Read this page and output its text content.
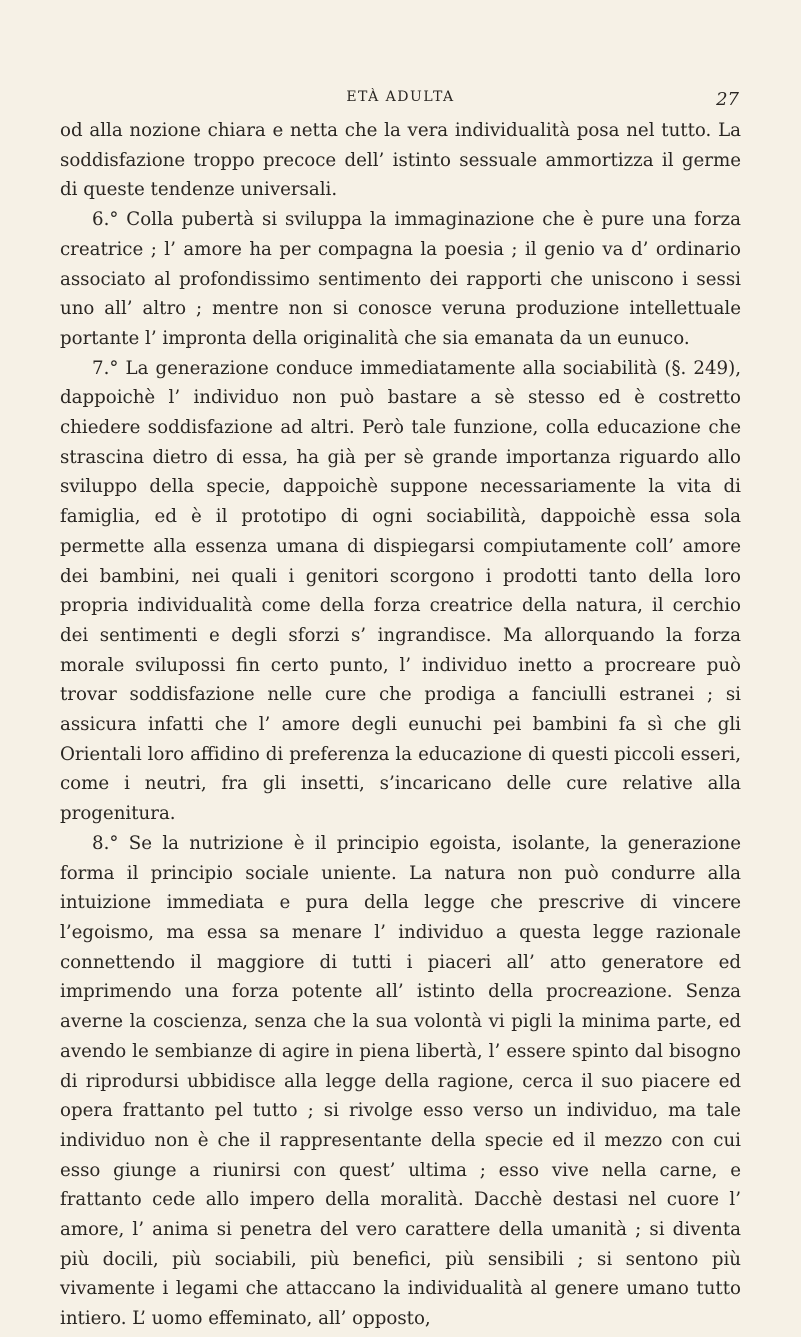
ETÀ ADULTA	27

od alla nozione chiara e netta che la vera individualità posa nel tutto. La soddisfazione troppo precoce dell’ istinto sessuale ammortizza il germe di queste tendenze universali.

6.° Colla pubertà si sviluppa la immaginazione che è pure una forza creatrice ; l’ amore ha per compagna la poesia ; il genio va d’ ordinario associato al profondissimo sentimento dei rapporti che uniscono i sessi uno all’ altro ; mentre non si conosce veruna produzione intellettuale portante l’ impronta della originalità che sia emanata da un eunuco.

7.° La generazione conduce immediatamente alla sociabilità (§. 249), dappoichè l’ individuo non può bastare a sè stesso ed è costretto chiedere soddisfazione ad altri. Però tale funzione, colla educazione che strascina dietro di essa, ha già per sè grande importanza riguardo allo sviluppo della specie, dappoichè suppone necessariamente la vita di famiglia, ed è il prototipo di ogni sociabilità, dappoichè essa sola permette alla essenza umana di dispiegarsi compiutamente coll’ amore dei bambini, nei quali i genitori scorgono i prodotti tanto della loro propria individualità come della forza creatrice della natura, il cerchio dei sentimenti e degli sforzi s’ ingrandisce. Ma allorquando la forza morale svilupossi fin certo punto, l’ individuo inetto a procreare può trovar soddisfazione nelle cure che prodiga a fanciulli estranei ; si assicura infatti che l’ amore degli eunuchi pei bambini fa sì che gli Orientali loro affidino di preferenza la educazione di questi piccoli esseri, come i neutri, fra gli insetti, s’incaricano delle cure relative alla progenitura.

8.° Se la nutrizione è il principio egoista, isolante, la generazione forma il principio sociale uniente. La natura non può condurre alla intuizione immediata e pura della legge che prescrive di vincere l’egoismo, ma essa sa menare l’ individuo a questa legge razionale connettendo il maggiore di tutti i piaceri all’ atto generatore ed imprimendo una forza potente all’ istinto della procreazione. Senza averne la coscienza, senza che la sua volontà vi pigli la minima parte, ed avendo le sembianze di agire in piena libertà, l’ essere spinto dal bisogno di riprodursi ubbidisce alla legge della ragione, cerca il suo piacere ed opera frattanto pel tutto ; si rivolge esso verso un individuo, ma tale individuo non è che il rappresentante della specie ed il mezzo con cui esso giunge a riunirsi con quest’ ultima ; esso vive nella carne, e frattanto cede allo impero della moralità. Dacchè destasi nel cuore l’ amore, l’ anima si penetra del vero carattere della umanità ; si diventa più docili, più sociabili, più benefici, più sensibili ; si sentono più vivamente i legami che attaccano la individualità al genere umano tutto intiero. L’ uomo effeminato, all’ opposto,
